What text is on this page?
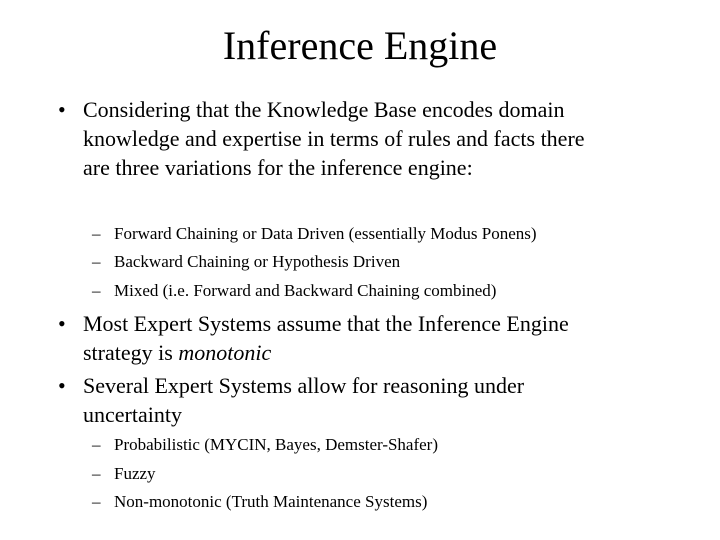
Inference Engine
• Considering that the Knowledge Base encodes domain
knowledge and expertise in terms of rules and facts there
are three variations for the inference engine:
– Forward Chaining or Data Driven (essentially Modus Ponens)
– Backward Chaining or Hypothesis Driven
– Mixed (i.e. Forward and Backward Chaining combined)
• Most Expert Systems assume that the Inference Engine
strategy is monotonic
• Several Expert Systems allow for reasoning under
uncertainty
– Probabilistic (MYCIN, Bayes, Demster-Shafer)
– Fuzzy
– Non-monotonic (Truth Maintenance Systems)
